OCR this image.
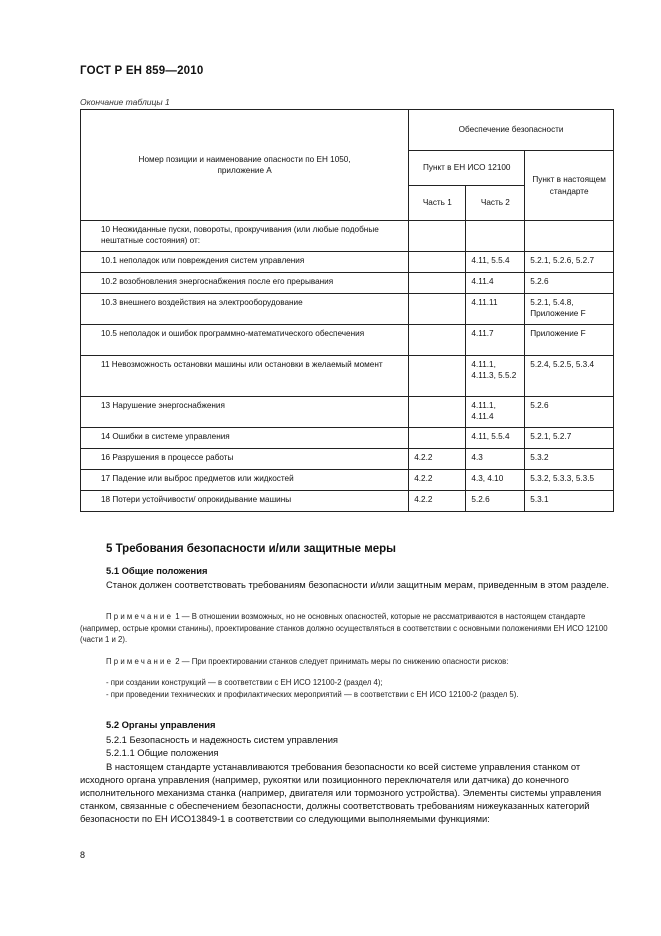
ГОСТ Р ЕН 859—2010
Окончание таблицы 1
Номер позиции и наименование опасности по ЕН 1050, приложение А	Обеспечение безопасности		
	Пункт в ЕН ИСО 12100		Пункт в настоящем стандарте
	Часть 1	Часть 2	
10 Неожиданные пуски, повороты, прокручивания (или любые подобные нештатные состояния) от:			
10.1 неполадок или повреждения систем управления		4.11, 5.5.4	5.2.1, 5.2.6, 5.2.7
10.2 возобновления энергоснабжения после его прерывания		4.11.4	5.2.6
10.3 внешнего воздействия на электрооборудование		4.11.11	5.2.1, 5.4.8, Приложение F
10.5 неполадок и ошибок программно-математического обеспечения		4.11.7	Приложение F
11 Невозможность остановки машины или остановки в желаемый момент		4.11.1, 4.11.3, 5.5.2	5.2.4, 5.2.5, 5.3.4
13 Нарушение энергоснабжения		4.11.1, 4.11.4	5.2.6
14 Ошибки в системе управления		4.11, 5.5.4	5.2.1, 5.2.7
16 Разрушения в процессе работы	4.2.2	4.3	5.3.2
17 Падение или выброс предметов или жидкостей	4.2.2	4.3, 4.10	5.3.2, 5.3.3, 5.3.5
18 Потери устойчивости/ опрокидывание машины	4.2.2	5.2.6	5.3.1
5 Требования безопасности и/или защитные меры
5.1 Общие положения
Станок должен соответствовать требованиям безопасности и/или защитным мерам, приведенным в этом разделе.
Примечание 1 — В отношении возможных, но не основных опасностей, которые не рассматриваются в настоящем стандарте (например, острые кромки станины), проектирование станков должно осуществляться в соответствии с основными положениями ЕН ИСО 12100 (части 1 и 2).
Примечание 2 — При проектировании станков следует принимать меры по снижению опасности рисков:
- при создании конструкций — в соответствии с ЕН ИСО 12100-2 (раздел 4);
- при проведении технических и профилактических мероприятий — в соответствии с ЕН ИСО 12100-2 (раздел 5).
5.2 Органы управления
5.2.1 Безопасность и надежность систем управления
5.2.1.1 Общие положения
В настоящем стандарте устанавливаются требования безопасности ко всей системе управления станком от исходного органа управления (например, рукоятки или позиционного переключателя или датчика) до конечного исполнительного механизма станка (например, двигателя или тормозного устройства). Элементы системы управления станком, связанные с обеспечением безопасности, должны соответствовать требованиям нижеуказанных категорий безопасности по ЕН ИСО13849-1 в соответствии со следующими выполняемыми функциями:
8
